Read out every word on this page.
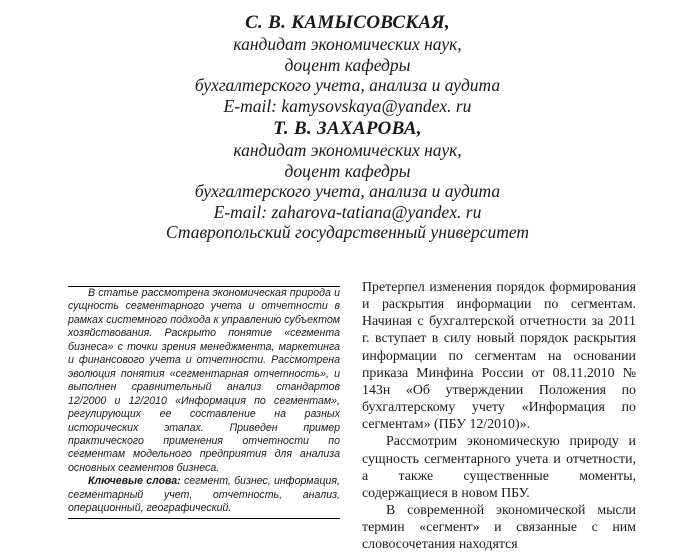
С. В. КАМЫСОВСКАЯ,
кандидат экономических наук,
доцент кафедры
бухгалтерского учета, анализа и аудита
E-mail: kamysovskaya@yandex. ru
Т. В. ЗАХАРОВА,
кандидат экономических наук,
доцент кафедры
бухгалтерского учета, анализа и аудита
E-mail: zaharova-tatiana@yandex. ru
Ставропольский государственный университет

В статье рассмотрена экономическая природа и сущность сегментарного учета и отчетности в рамках системного подхода к управлению субъектом хозяйствования. Раскрыто понятие «сегмента бизнеса» с точки зрения менеджмента, маркетинга и финансового учета и отчетности. Рассмотрена эволюция понятия «сегментарная отчетность», и выполнен сравнительный анализ стандартов 12/2000 и 12/2010 «Информация по сегментам», регулирующих ее составление на разных исторических этапах. Приведен пример практического применения отчетности по сегментам модельного предприятия для анализа основных сегментов бизнеса.

Ключевые слова: сегмент, бизнес, информация, сегментарный учет, отчетность, анализ, операционный, географический.

Претерпел изменения порядок формирования и раскрытия информации по сегментам. Начиная с бухгалтерской отчетности за 2011 г. вступает в силу новый порядок раскрытия информации по сегментам на основании приказа Минфина России от 08.11.2010 № 143н «Об утверждении Положения по бухгалтерскому учету «Информация по сегментам» (ПБУ 12/2010)».

Рассмотрим экономическую природу и сущность сегментарного учета и отчетности, а также существенные моменты, содержащиеся в новом ПБУ.

В современной экономической мысли термин «сегмент» и связанные с ним словосочетания находятся
